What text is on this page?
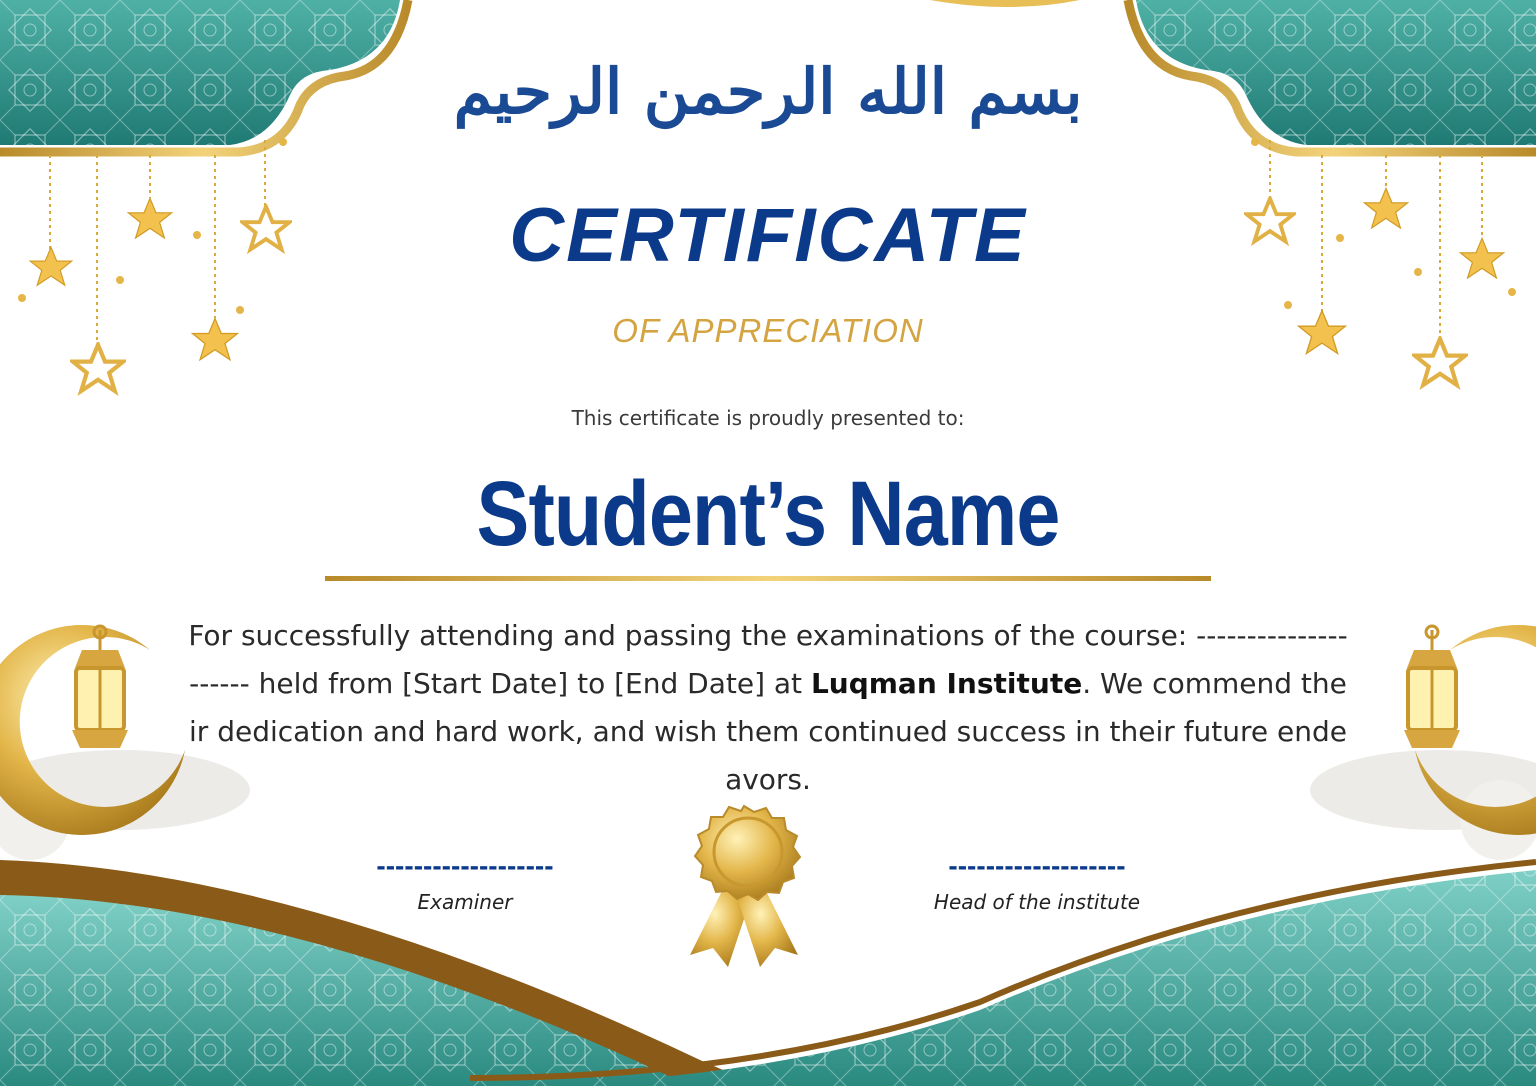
بسم الله الرحمن الرحيم
CERTIFICATE
OF APPRECIATION
This certificate is proudly presented to:
Student’s Name
For successfully attending and passing the examinations of the course: --------------------- held from [Start Date] to [End Date] at Luqman Institute. We commend their dedication and hard work, and wish them continued success in their future endeavors.
-------------------
Examiner
-------------------
Head of the institute
